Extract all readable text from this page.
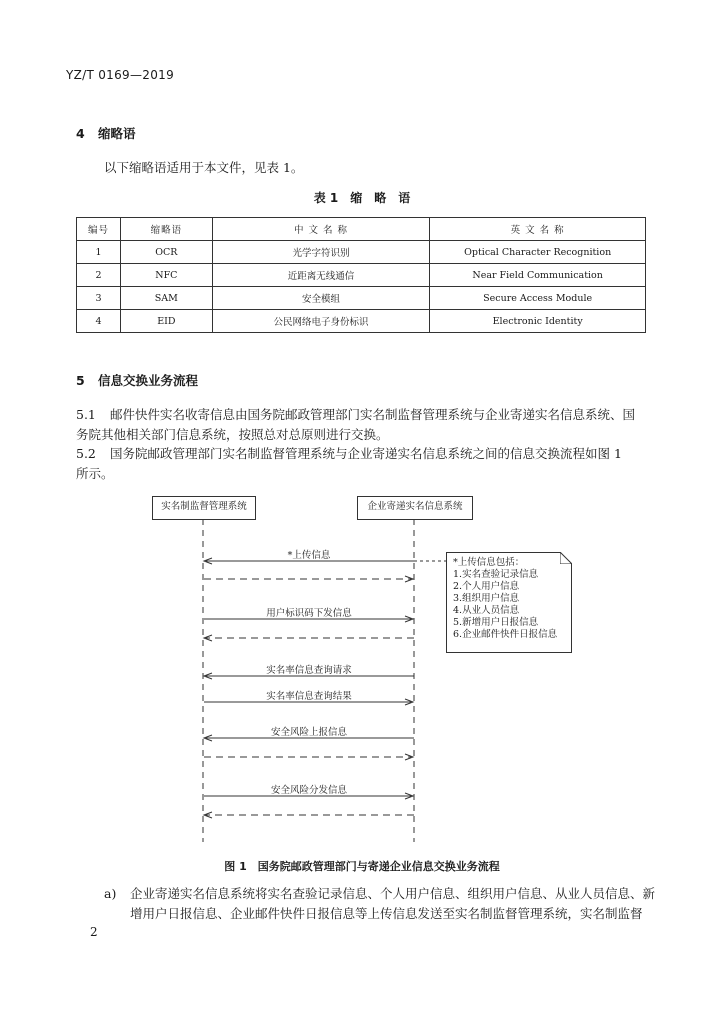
YZ/T 0169—2019
4 缩略语
以下缩略语适用于本文件，见表 1。
表 1　缩　略　语
编号	缩略语	中 文 名 称	英 文 名 称
1	OCR	光学字符识别	Optical Character Recognition
2	NFC	近距离无线通信	Near Field Communication
3	SAM	安全模组	Secure Access Module
4	EID	公民网络电子身份标识	Electronic Identity
5 信息交换业务流程
5.1 邮件快件实名收寄信息由国务院邮政管理部门实名制监督管理系统与企业寄递实名信息系统、国
务院其他相关部门信息系统，按照总对总原则进行交换。
5.2 国务院邮政管理部门实名制监督管理系统与企业寄递实名信息系统之间的信息交换流程如图 1
所示。
实名制监督管理系统	企业寄递实名信息系统
*上传信息
用户标识码下发信息
实名率信息查询请求
实名率信息查询结果
安全风险上报信息
安全风险分发信息
*上传信息包括：
1.实名查验记录信息
2.个人用户信息
3.组织用户信息
4.从业人员信息
5.新增用户日报信息
6.企业邮件快件日报信息
图 1　国务院邮政管理部门与寄递企业信息交换业务流程
a) 企业寄递实名信息系统将实名查验记录信息、个人用户信息、组织用户信息、从业人员信息、新
增用户日报信息、企业邮件快件日报信息等上传信息发送至实名制监督管理系统，实名制监督
2
